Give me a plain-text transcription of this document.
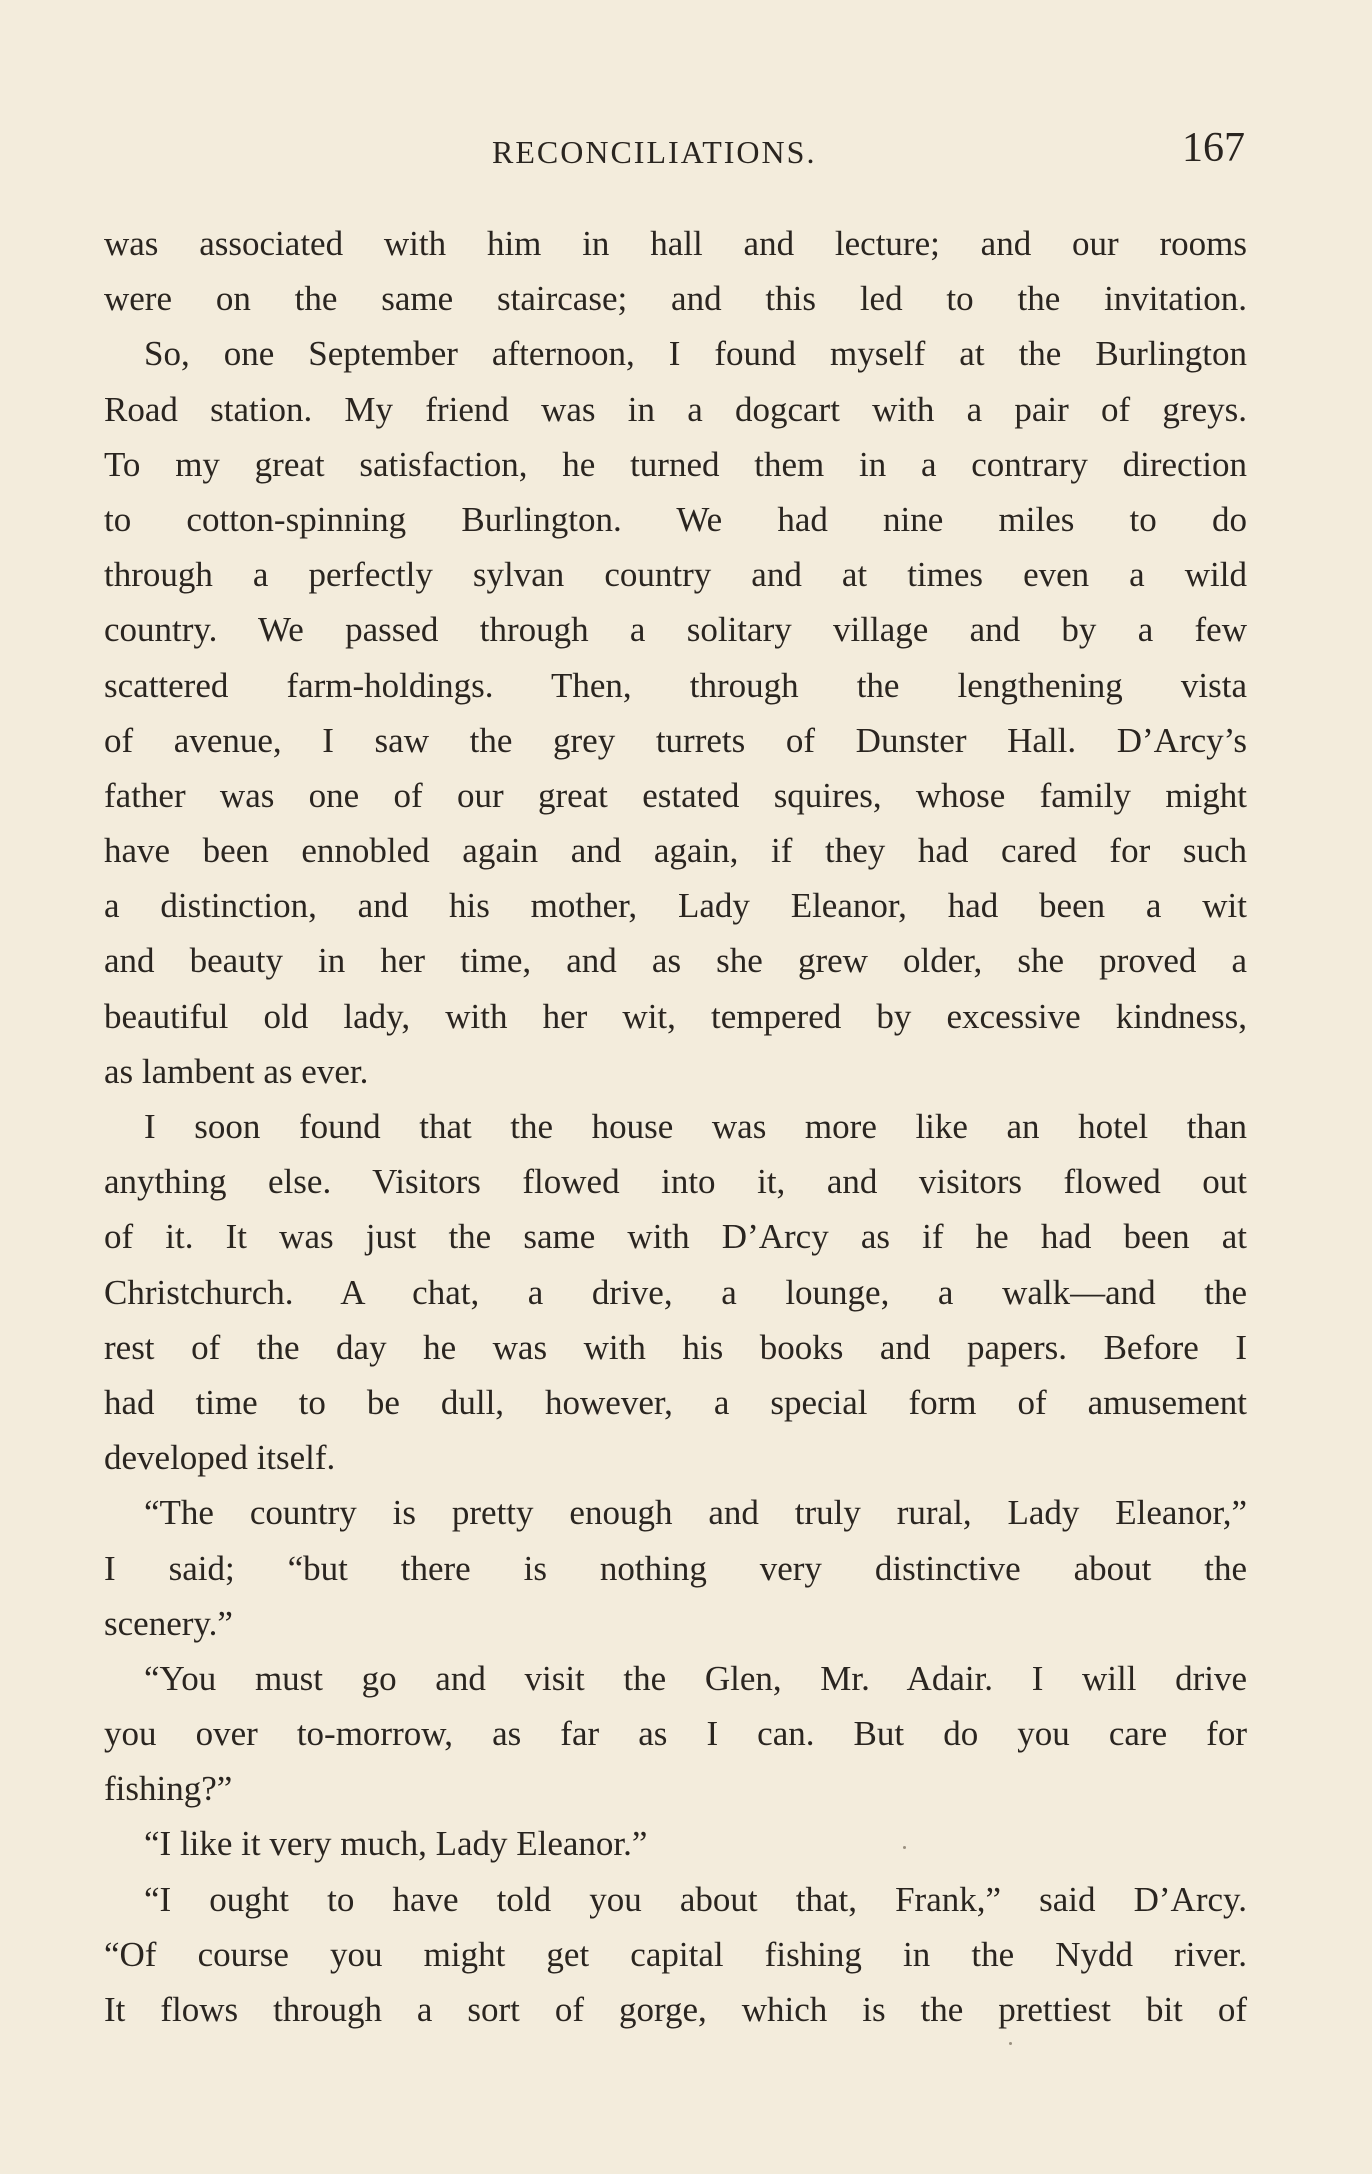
RECONCILIATIONS.	167
was associated with him in hall and lecture; and our rooms
were on the same staircase; and this led to the invitation.
So, one September afternoon, I found myself at the Burlington
Road station. My friend was in a dogcart with a pair of greys.
To my great satisfaction, he turned them in a contrary direction
to cotton-spinning Burlington. We had nine miles to do
through a perfectly sylvan country and at times even a wild
country. We passed through a solitary village and by a few
scattered farm-holdings. Then, through the lengthening vista
of avenue, I saw the grey turrets of Dunster Hall. D’Arcy’s
father was one of our great estated squires, whose family might
have been ennobled again and again, if they had cared for such
a distinction, and his mother, Lady Eleanor, had been a wit
and beauty in her time, and as she grew older, she proved a
beautiful old lady, with her wit, tempered by excessive kindness,
as lambent as ever.
I soon found that the house was more like an hotel than
anything else. Visitors flowed into it, and visitors flowed out
of it. It was just the same with D’Arcy as if he had been at
Christchurch. A chat, a drive, a lounge, a walk—and the
rest of the day he was with his books and papers. Before I
had time to be dull, however, a special form of amusement
developed itself.
“The country is pretty enough and truly rural, Lady Eleanor,”
I said; “but there is nothing very distinctive about the
scenery.”
“You must go and visit the Glen, Mr. Adair. I will drive
you over to-morrow, as far as I can. But do you care for
fishing?”
“I like it very much, Lady Eleanor.”
“I ought to have told you about that, Frank,” said D’Arcy.
“Of course you might get capital fishing in the Nydd river.
It flows through a sort of gorge, which is the prettiest bit of
